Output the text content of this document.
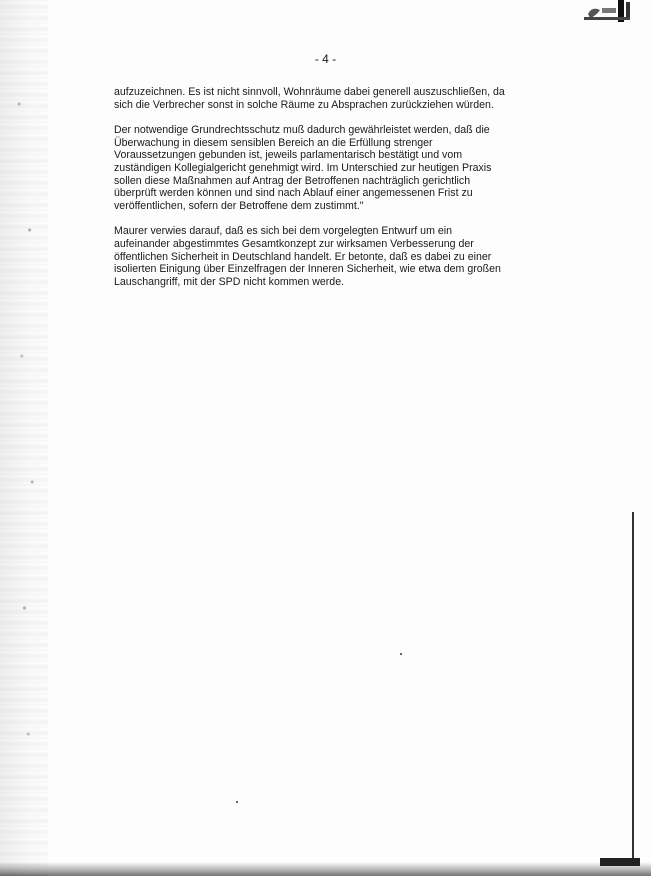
- 4 -

aufzuzeichnen. Es ist nicht sinnvoll, Wohnräume dabei generell auszuschließen, da
sich die Verbrecher sonst in solche Räume zu Absprachen zurückziehen würden.

Der notwendige Grundrechtsschutz muß dadurch gewährleistet werden, daß die
Überwachung in diesem sensiblen Bereich an die Erfüllung strenger
Voraussetzungen gebunden ist, jeweils parlamentarisch bestätigt und vom
zuständigen Kollegialgericht genehmigt wird. Im Unterschied zur heutigen Praxis
sollen diese Maßnahmen auf Antrag der Betroffenen nachträglich gerichtlich
überprüft werden können und sind nach Ablauf einer angemessenen Frist zu
veröffentlichen, sofern der Betroffene dem zustimmt."

Maurer verwies darauf, daß es sich bei dem vorgelegten Entwurf um ein
aufeinander abgestimmtes Gesamtkonzept zur wirksamen Verbesserung der
öffentlichen Sicherheit in Deutschland handelt. Er betonte, daß es dabei zu einer
isolierten Einigung über Einzelfragen der Inneren Sicherheit, wie etwa dem großen
Lauschangriff, mit der SPD nicht kommen werde.
